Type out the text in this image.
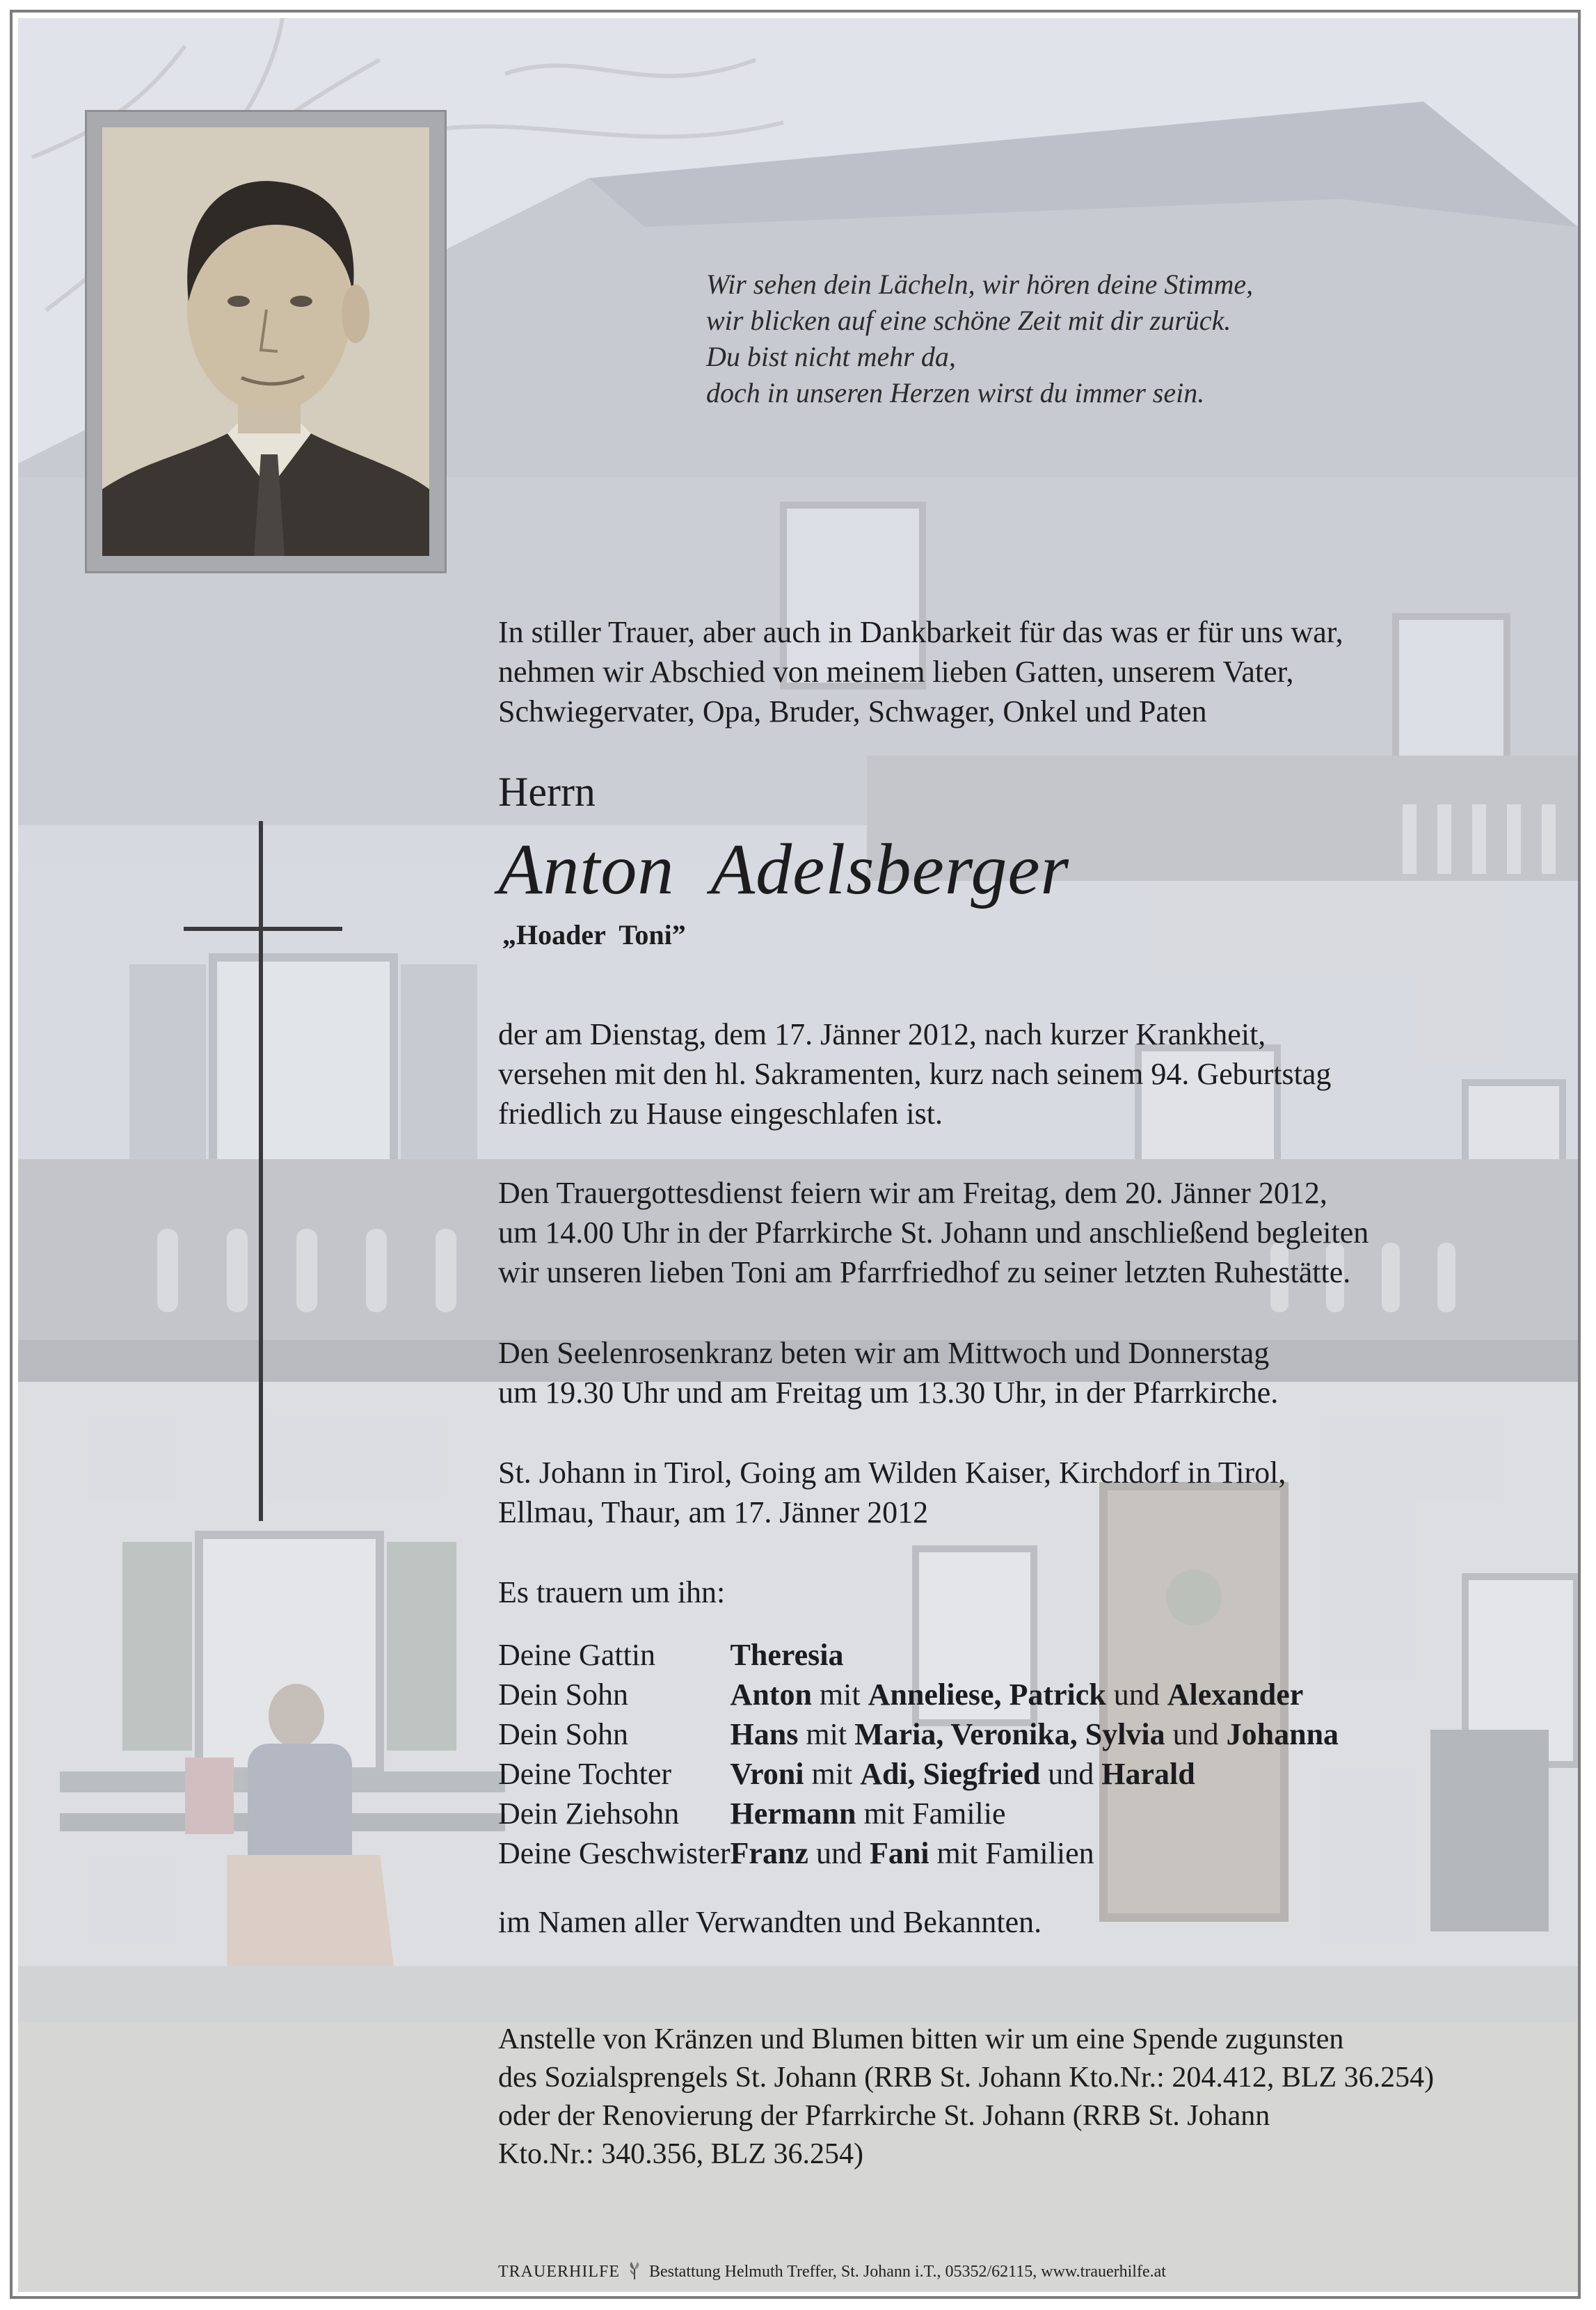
Wir sehen dein Lächeln, wir hören deine Stimme,
wir blicken auf eine schöne Zeit mit dir zurück.
Du bist nicht mehr da,
doch in unseren Herzen wirst du immer sein.
In stiller Trauer, aber auch in Dankbarkeit für das was er für uns war,
nehmen wir Abschied von meinem lieben Gatten, unserem Vater,
Schwiegervater, Opa, Bruder, Schwager, Onkel und Paten
Herrn
Anton  Adelsberger
„Hoader  Toni”
der am Dienstag, dem 17. Jänner 2012, nach kurzer Krankheit,
versehen mit den hl. Sakramenten, kurz nach seinem 94. Geburtstag
friedlich zu Hause eingeschlafen ist.
Den Trauergottesdienst feiern wir am Freitag, dem 20. Jänner 2012,
um 14.00 Uhr in der Pfarrkirche St. Johann und anschließend begleiten
wir unseren lieben Toni am Pfarrfriedhof zu seiner letzten Ruhestätte.
Den Seelenrosenkranz beten wir am Mittwoch und Donnerstag
um 19.30 Uhr und am Freitag um 13.30 Uhr, in der Pfarrkirche.
St. Johann in Tirol, Going am Wilden Kaiser, Kirchdorf in Tirol,
Ellmau, Thaur, am 17. Jänner 2012
Es trauern um ihn:
Deine Gattin	Theresia
Dein Sohn	Anton mit Anneliese, Patrick und Alexander
Dein Sohn	Hans mit Maria, Veronika, Sylvia und Johanna
Deine Tochter	Vroni mit Adi, Siegfried und Harald
Dein Ziehsohn	Hermann mit Familie
Deine Geschwister	Franz und Fani mit Familien
im Namen aller Verwandten und Bekannten.
Anstelle von Kränzen und Blumen bitten wir um eine Spende zugunsten
des Sozialsprengels St. Johann (RRB St. Johann Kto.Nr.: 204.412, BLZ 36.254)
oder der Renovierung der Pfarrkirche St. Johann (RRB St. Johann
Kto.Nr.: 340.356, BLZ 36.254)
TRAUERHILFE Bestattung Helmuth Treffer, St. Johann i.T., 05352/62115, www.trauerhilfe.at
